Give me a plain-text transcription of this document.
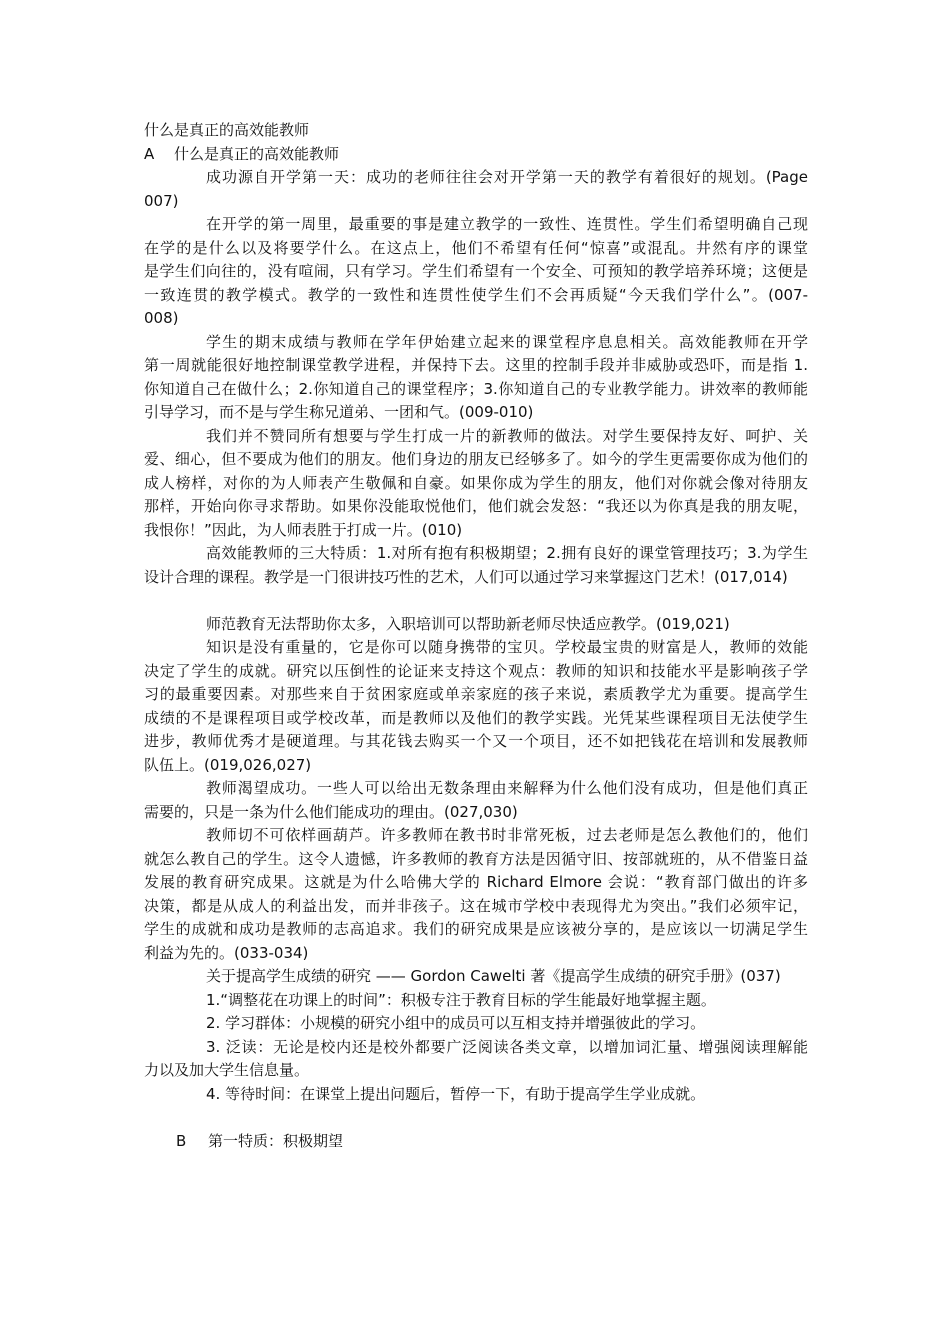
什么是真正的高效能教师
A 什么是真正的高效能教师
成功源自开学第一天：成功的老师往往会对开学第一天的教学有着很好的规划。(Page
007)
在开学的第一周里，最重要的事是建立教学的一致性、连贯性。学生们希望明确自己现
在学的是什么以及将要学什么。在这点上，他们不希望有任何“惊喜”或混乱。井然有序的课堂
是学生们向往的，没有喧闹，只有学习。学生们希望有一个安全、可预知的教学培养环境；这便是
一致连贯的教学模式。教学的一致性和连贯性使学生们不会再质疑“今天我们学什么”。(007-
008)
学生的期末成绩与教师在学年伊始建立起来的课堂程序息息相关。高效能教师在开学
第一周就能很好地控制课堂教学进程，并保持下去。这里的控制手段并非威胁或恐吓，而是指 1.
你知道自己在做什么；2.你知道自己的课堂程序；3.你知道自己的专业教学能力。讲效率的教师能
引导学习，而不是与学生称兄道弟、一团和气。(009-010)
我们并不赞同所有想要与学生打成一片的新教师的做法。对学生要保持友好、呵护、关
爱、细心，但不要成为他们的朋友。他们身边的朋友已经够多了。如今的学生更需要你成为他们的
成人榜样，对你的为人师表产生敬佩和自豪。如果你成为学生的朋友，他们对你就会像对待朋友
那样，开始向你寻求帮助。如果你没能取悦他们，他们就会发怒：“我还以为你真是我的朋友呢，
我恨你！”因此，为人师表胜于打成一片。(010)
高效能教师的三大特质：1.对所有抱有积极期望；2.拥有良好的课堂管理技巧；3.为学生
设计合理的课程。教学是一门很讲技巧性的艺术，人们可以通过学习来掌握这门艺术！(017,014)
师范教育无法帮助你太多，入职培训可以帮助新老师尽快适应教学。(019,021)
知识是没有重量的，它是你可以随身携带的宝贝。学校最宝贵的财富是人，教师的效能
决定了学生的成就。研究以压倒性的论证来支持这个观点：教师的知识和技能水平是影响孩子学
习的最重要因素。对那些来自于贫困家庭或单亲家庭的孩子来说，素质教学尤为重要。提高学生
成绩的不是课程项目或学校改革，而是教师以及他们的教学实践。光凭某些课程项目无法使学生
进步，教师优秀才是硬道理。与其花钱去购买一个又一个项目，还不如把钱花在培训和发展教师
队伍上。(019,026,027)
教师渴望成功。一些人可以给出无数条理由来解释为什么他们没有成功，但是他们真正
需要的，只是一条为什么他们能成功的理由。(027,030)
教师切不可依样画葫芦。许多教师在教书时非常死板，过去老师是怎么教他们的，他们
就怎么教自己的学生。这令人遗憾，许多教师的教育方法是因循守旧、按部就班的，从不借鉴日益
发展的教育研究成果。这就是为什么哈佛大学的 Richard Elmore 会说：“教育部门做出的许多
决策，都是从成人的利益出发，而并非孩子。这在城市学校中表现得尤为突出。”我们必须牢记，
学生的成就和成功是教师的志高追求。我们的研究成果是应该被分享的，是应该以一切满足学生
利益为先的。(033-034)
关于提高学生成绩的研究 —— Gordon Cawelti 著《提高学生成绩的研究手册》(037)
1.“调整花在功课上的时间”：积极专注于教育目标的学生能最好地掌握主题。
2. 学习群体：小规模的研究小组中的成员可以互相支持并增强彼此的学习。
3. 泛读：无论是校内还是校外都要广泛阅读各类文章，以增加词汇量、增强阅读理解能
力以及加大学生信息量。
4. 等待时间：在课堂上提出问题后，暂停一下，有助于提高学生学业成就。
B 第一特质：积极期望
